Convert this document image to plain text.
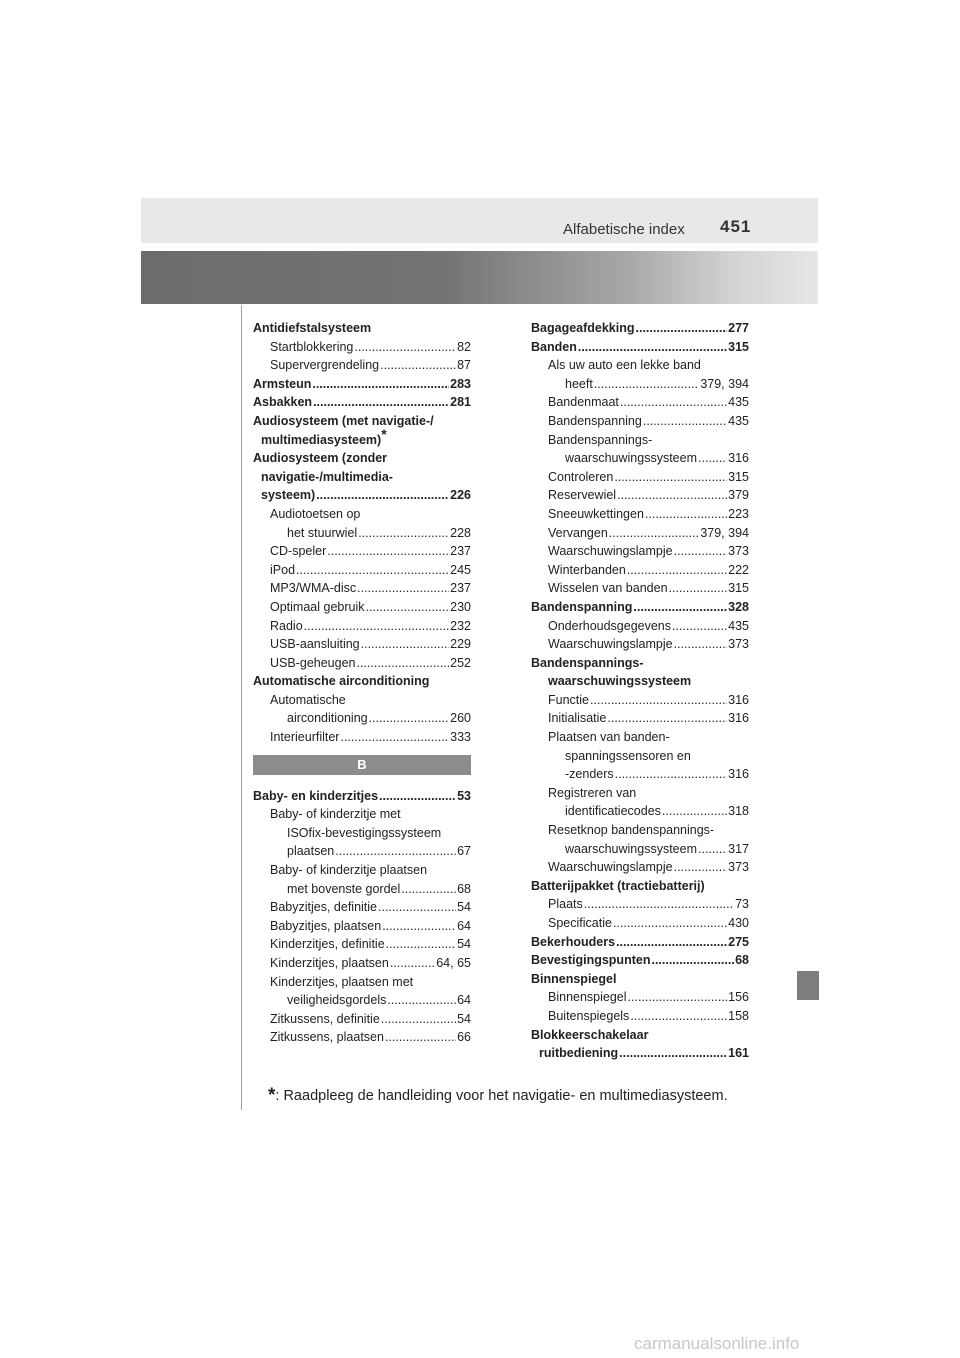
Alfabetische index 451
Antidiefstalsysteem
Startblokkering .....	82
Supervergrendeling .....	87
Armsteun .....	283
Asbakken .....	281
Audiosysteem (met navigatie-/
multimediasysteem)*
Audiosysteem (zonder
navigatie-/multimedia-
systeem) .....	226
Audiotoetsen op
het stuurwiel .....	228
CD-speler .....	237
iPod .....	245
MP3/WMA-disc .....	237
Optimaal gebruik .....	230
Radio .....	232
USB-aansluiting .....	229
USB-geheugen .....	252
Automatische airconditioning
Automatische
airconditioning .....	260
Interieurfilter .....	333
B
Baby- en kinderzitjes .....	53
Baby- of kinderzitje met
ISOfix-bevestigingssysteem
plaatsen .....	67
Baby- of kinderzitje plaatsen
met bovenste gordel .....	68
Babyzitjes, definitie .....	54
Babyzitjes, plaatsen .....	64
Kinderzitjes, definitie .....	54
Kinderzitjes, plaatsen .....	64, 65
Kinderzitjes, plaatsen met
veiligheidsgordels .....	64
Zitkussens, definitie .....	54
Zitkussens, plaatsen .....	66
Bagageafdekking .....	277
Banden .....	315
Als uw auto een lekke band
heeft .....	379, 394
Bandenmaat .....	435
Bandenspanning .....	435
Bandenspannings-
waarschuwingssysteem ..... 316
Controleren .....	315
Reservewiel .....	379
Sneeuwkettingen .....	223
Vervangen .....	379, 394
Waarschuwingslampje .....	373
Winterbanden .....	222
Wisselen van banden .....	315
Bandenspanning .....	328
Onderhoudsgegevens .....	435
Waarschuwingslampje .....	373
Bandenspannings-
waarschuwingssysteem
Functie .....	316
Initialisatie .....	316
Plaatsen van banden-
spanningssensoren en
-zenders .....	316
Registreren van
identificatiecodes .....	318
Resetknop bandenspannings-
waarschuwingssysteem ..... 317
Waarschuwingslampje .....	373
Batterijpakket (tractiebatterij)
Plaats .....	73
Specificatie .....	430
Bekerhouders .....	275
Bevestigingspunten .....	68
Binnenspiegel
Binnenspiegel .....	156
Buitenspiegels .....	158
Blokkeerschakelaar
ruitbediening .....	161
*: Raadpleeg de handleiding voor het navigatie- en multimediasysteem.
carmanualsonline.info
